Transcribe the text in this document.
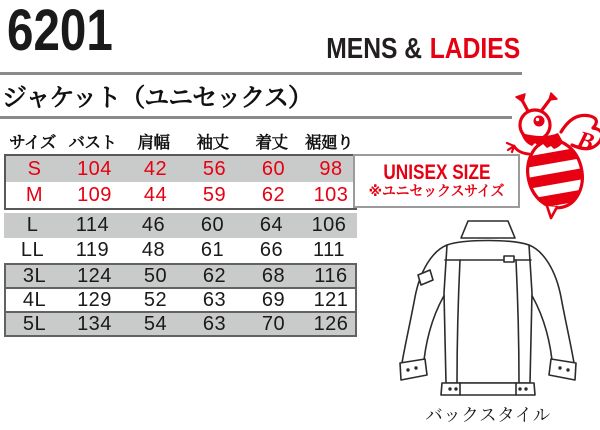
6201	MENS & LADIES
ジャケット（ユニセックス）
サイズ バスト	肩幅	袖丈	着丈	裾廻り
S	104	42	56	60	98
M	109	44	59	62	103
L	114	46	60	64	106
LL	119	48	61	66	111
3L	124	50	62	68	116
4L	129	52	63	69	121
5L	134	54	63	70	126
UNISEX SIZE
※ユニセックスサイズ
B
バックスタイル
